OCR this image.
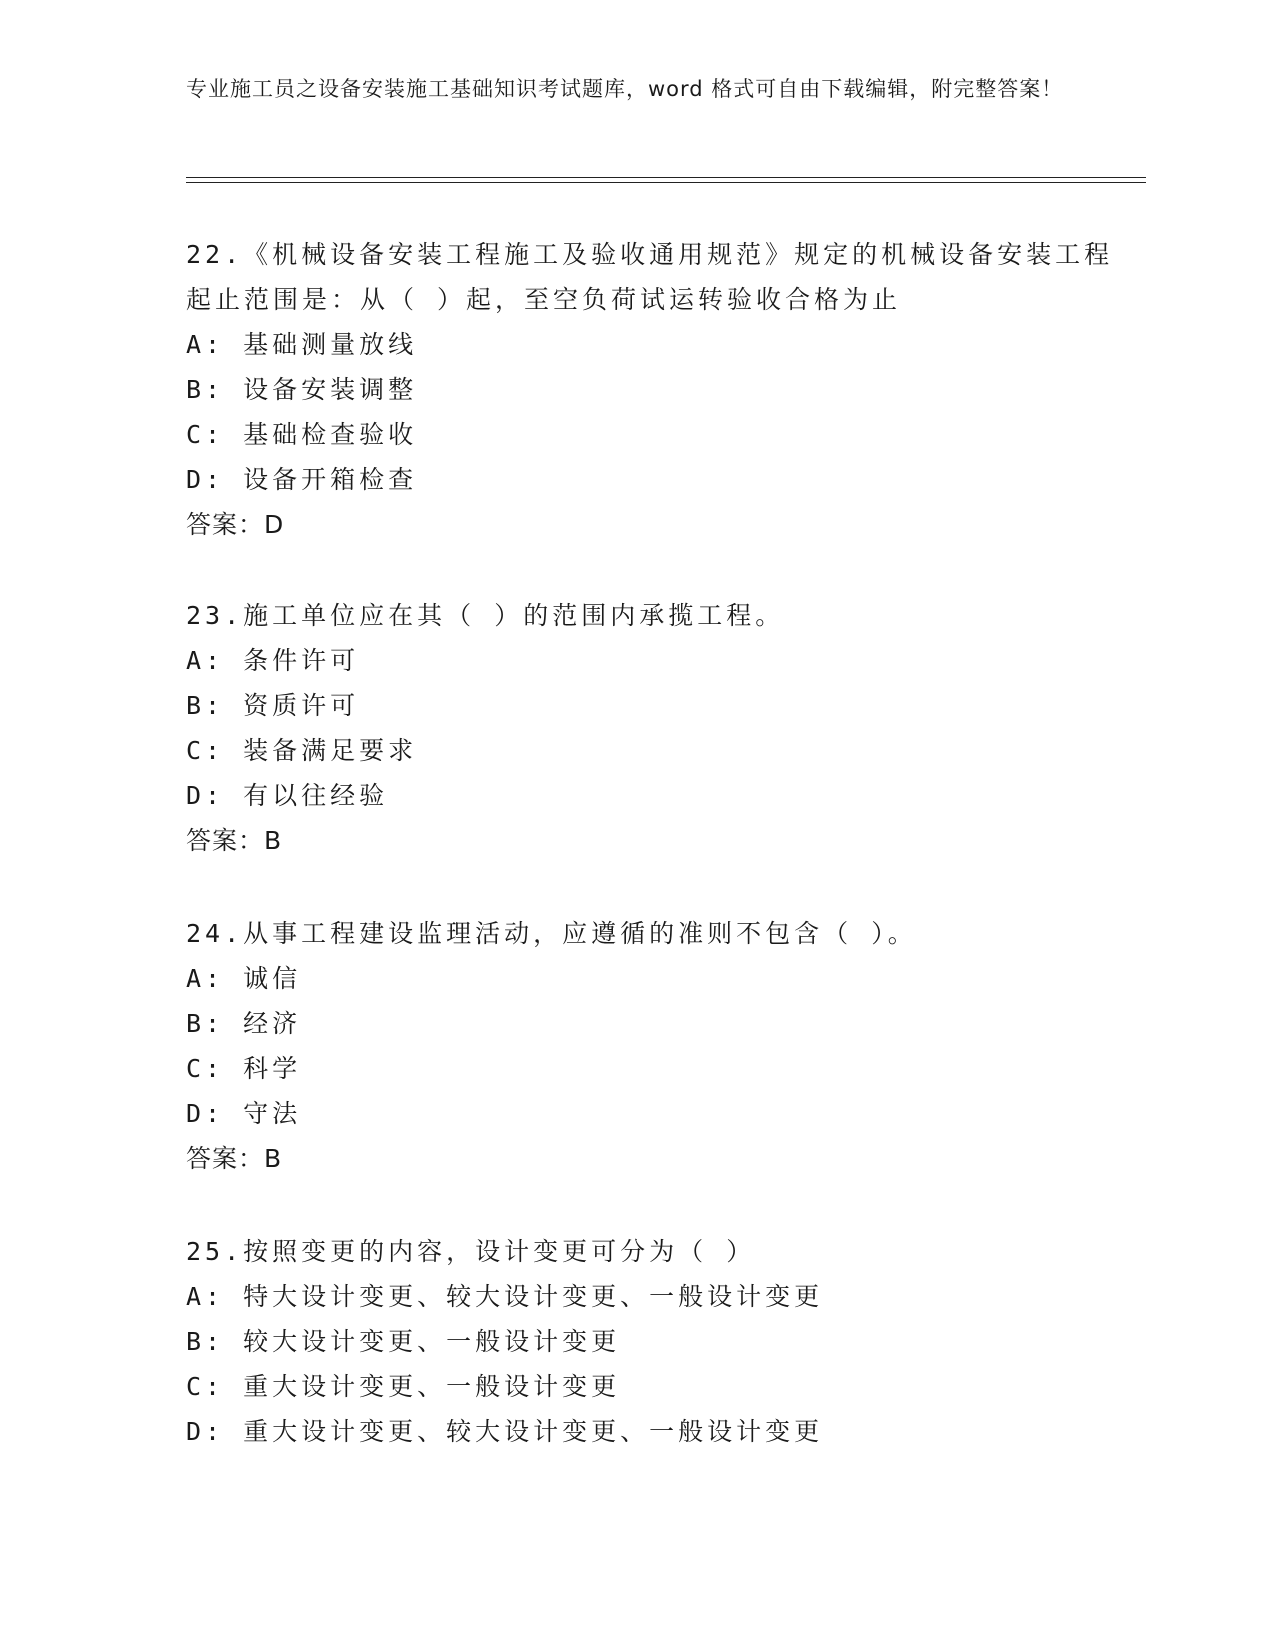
专业施工员之设备安装施工基础知识考试题库，word 格式可自由下载编辑，附完整答案！

22.《机械设备安装工程施工及验收通用规范》规定的机械设备安装工程起止范围是：从（ ）起，至空负荷试运转验收合格为止

A: 基础测量放线

B: 设备安装调整

C: 基础检查验收

D: 设备开箱检查

答案：D

23.施工单位应在其（ ）的范围内承揽工程。

A: 条件许可

B: 资质许可

C: 装备满足要求

D: 有以往经验

答案：B

24.从事工程建设监理活动，应遵循的准则不包含（ ）。

A: 诚信

B: 经济

C: 科学

D: 守法

答案：B

25.按照变更的内容，设计变更可分为（ ）

A: 特大设计变更、较大设计变更、一般设计变更

B: 较大设计变更、一般设计变更

C: 重大设计变更、一般设计变更

D: 重大设计变更、较大设计变更、一般设计变更
